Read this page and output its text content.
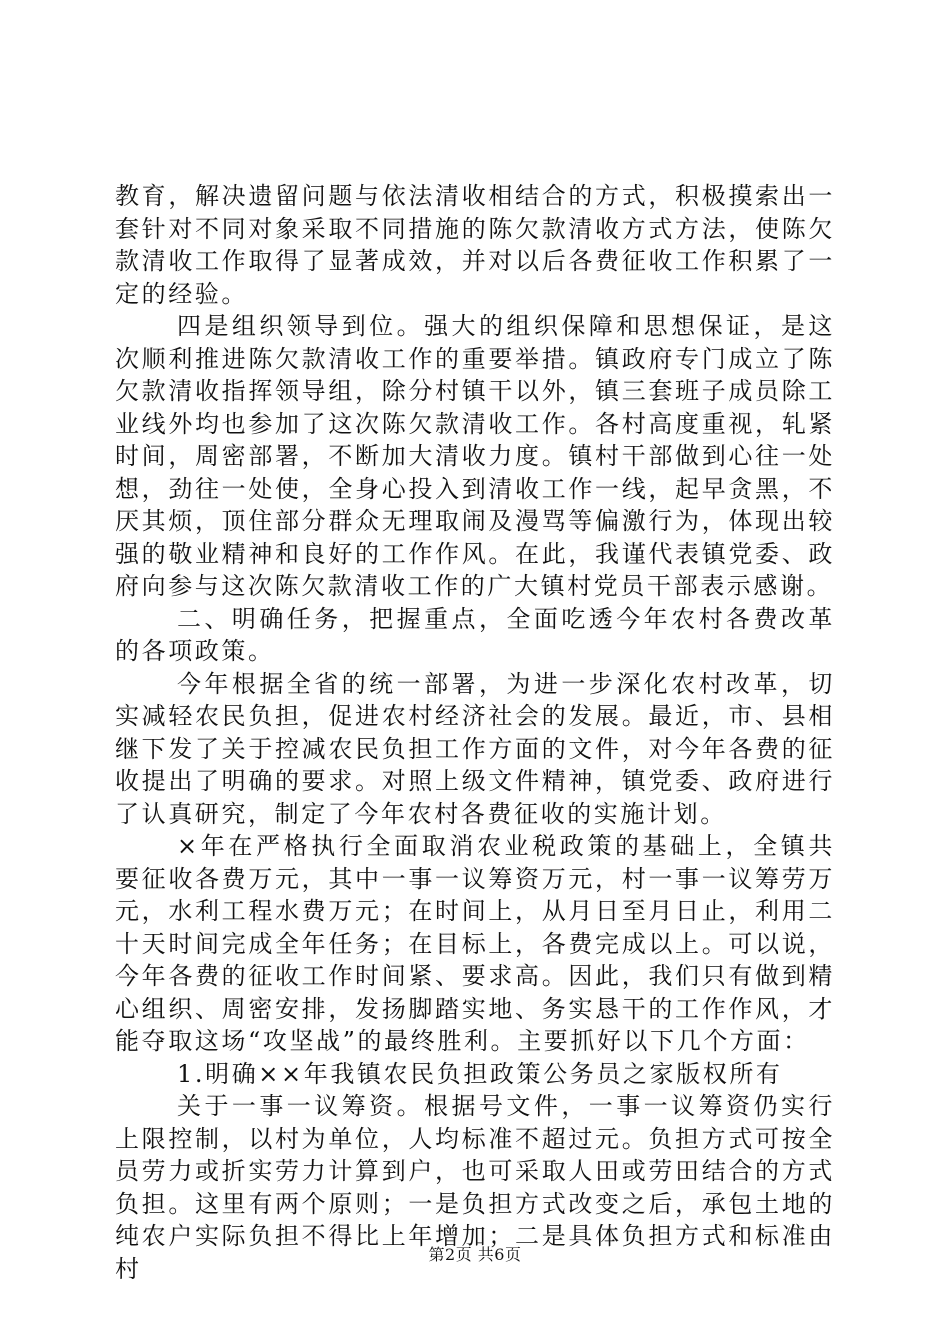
教育，解决遗留问题与依法清收相结合的方式，积极摸索出一套针对不同对象采取不同措施的陈欠款清收方式方法，使陈欠款清收工作取得了显著成效，并对以后各费征收工作积累了一定的经验。

四是组织领导到位。强大的组织保障和思想保证，是这次顺利推进陈欠款清收工作的重要举措。镇政府专门成立了陈欠款清收指挥领导组，除分村镇干以外，镇三套班子成员除工业线外均也参加了这次陈欠款清收工作。各村高度重视，轧紧时间，周密部署，不断加大清收力度。镇村干部做到心往一处想，劲往一处使，全身心投入到清收工作一线，起早贪黑，不厌其烦，顶住部分群众无理取闹及漫骂等偏激行为，体现出较强的敬业精神和良好的工作作风。在此，我谨代表镇党委、政府向参与这次陈欠款清收工作的广大镇村党员干部表示感谢。

二、明确任务，把握重点，全面吃透今年农村各费改革的各项政策。

今年根据全省的统一部署，为进一步深化农村改革，切实减轻农民负担，促进农村经济社会的发展。最近，市、县相继下发了关于控减农民负担工作方面的文件，对今年各费的征收提出了明确的要求。对照上级文件精神，镇党委、政府进行了认真研究，制定了今年农村各费征收的实施计划。

×年在严格执行全面取消农业税政策的基础上，全镇共要征收各费万元，其中一事一议筹资万元，村一事一议筹劳万元，水利工程水费万元；在时间上，从月日至月日止，利用二十天时间完成全年任务；在目标上，各费完成以上。可以说，今年各费的征收工作时间紧、要求高。因此，我们只有做到精心组织、周密安排，发扬脚踏实地、务实恳干的工作作风，才能夺取这场“攻坚战”的最终胜利。主要抓好以下几个方面：

1.明确××年我镇农民负担政策公务员之家版权所有

关于一事一议筹资。根据号文件，一事一议筹资仍实行上限控制，以村为单位，人均标准不超过元。负担方式可按全员劳力或折实劳力计算到户，也可采取人田或劳田结合的方式负担。这里有两个原则；一是负担方式改变之后，承包土地的纯农户实际负担不得比上年增加；二是具体负担方式和标准由村	第2页 共6页
